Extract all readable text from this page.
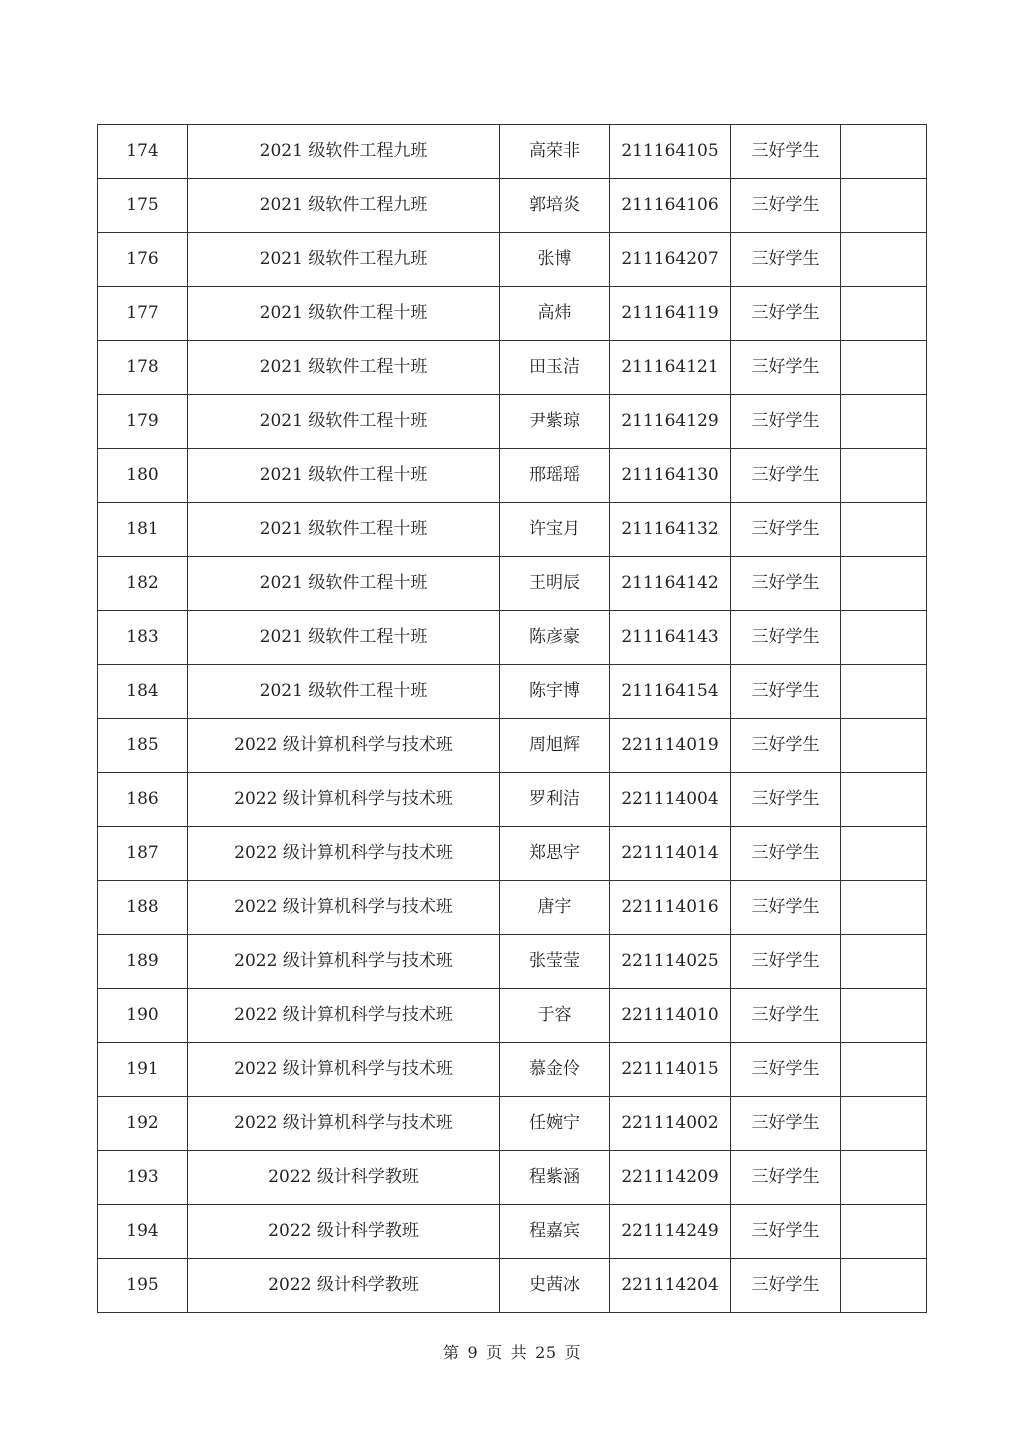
174	2021 级软件工程九班	高荣非	211164105	三好学生	
175	2021 级软件工程九班	郭培炎	211164106	三好学生	
176	2021 级软件工程九班	张博	211164207	三好学生	
177	2021 级软件工程十班	高炜	211164119	三好学生	
178	2021 级软件工程十班	田玉洁	211164121	三好学生	
179	2021 级软件工程十班	尹紫琼	211164129	三好学生	
180	2021 级软件工程十班	邢瑶瑶	211164130	三好学生	
181	2021 级软件工程十班	许宝月	211164132	三好学生	
182	2021 级软件工程十班	王明辰	211164142	三好学生	
183	2021 级软件工程十班	陈彦豪	211164143	三好学生	
184	2021 级软件工程十班	陈宇博	211164154	三好学生	
185	2022 级计算机科学与技术班	周旭辉	221114019	三好学生	
186	2022 级计算机科学与技术班	罗利洁	221114004	三好学生	
187	2022 级计算机科学与技术班	郑思宇	221114014	三好学生	
188	2022 级计算机科学与技术班	唐宇	221114016	三好学生	
189	2022 级计算机科学与技术班	张莹莹	221114025	三好学生	
190	2022 级计算机科学与技术班	于容	221114010	三好学生	
191	2022 级计算机科学与技术班	慕金伶	221114015	三好学生	
192	2022 级计算机科学与技术班	任婉宁	221114002	三好学生	
193	2022 级计科学教班	程紫涵	221114209	三好学生	
194	2022 级计科学教班	程嘉宾	221114249	三好学生	
195	2022 级计科学教班	史茜冰	221114204	三好学生	
第 9 页 共 25 页
